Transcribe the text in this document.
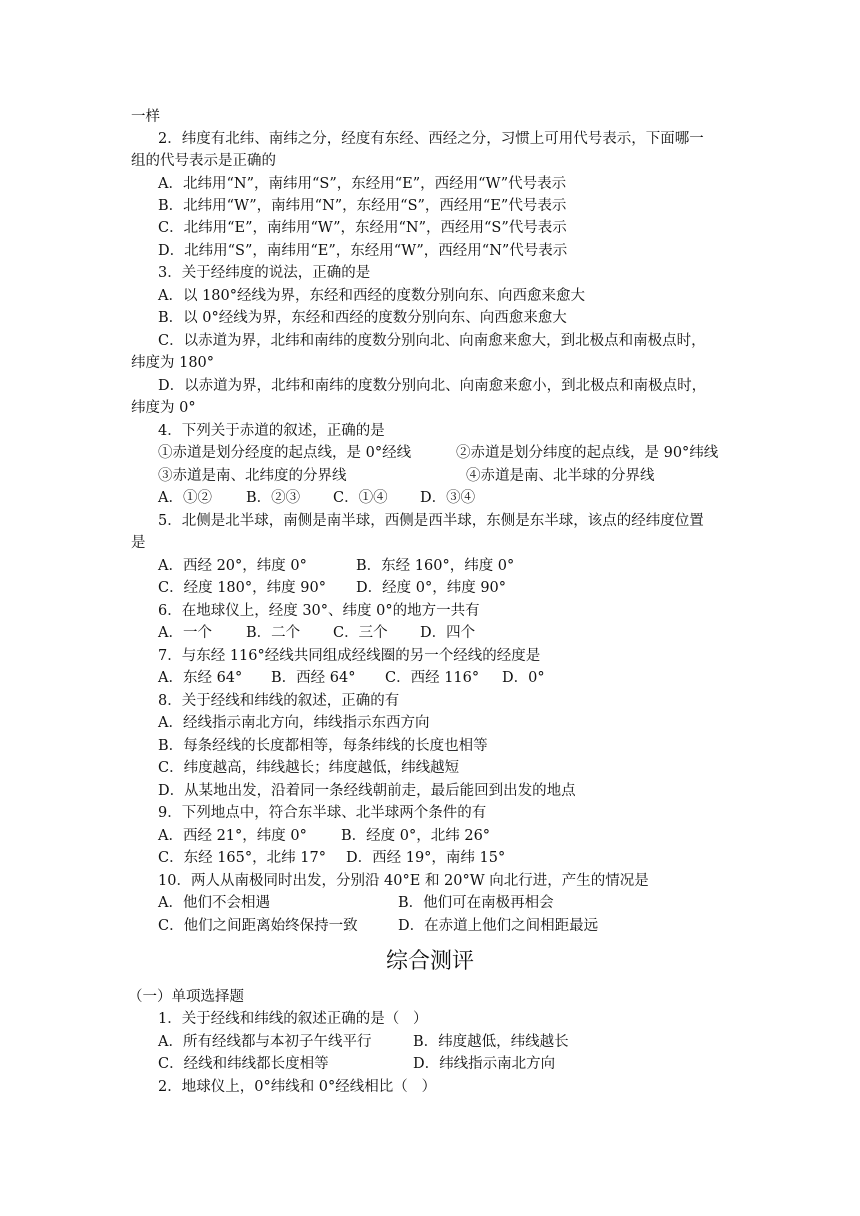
一样
2．纬度有北纬、南纬之分，经度有东经、西经之分，习惯上可用代号表示，下面哪一
组的代号表示是正确的
A．北纬用“N”，南纬用“S”，东经用“E”，西经用“W”代号表示
B．北纬用“W”，南纬用“N”，东经用“S”，西经用“E”代号表示
C．北纬用“E”，南纬用“W”，东经用“N”，西经用“S”代号表示
D．北纬用“S”，南纬用“E”，东经用“W”，西经用“N”代号表示
3．关于经纬度的说法，正确的是
A．以 180°经线为界，东经和西经的度数分别向东、向西愈来愈大
B．以 0°经线为界，东经和西经的度数分别向东、向西愈来愈大
C．以赤道为界，北纬和南纬的度数分别向北、向南愈来愈大，到北极点和南极点时，
纬度为 180°
D．以赤道为界，北纬和南纬的度数分别向北、向南愈来愈小，到北极点和南极点时，
纬度为 0°
4．下列关于赤道的叙述，正确的是

①赤道是划分经度的起点线，是 0°经线

	②赤道是划分纬度的起点线，是 90°纬线

③赤道是南、北纬度的分界线

	④赤道是南、北半球的分界线

A．①②

B．②③

C．①④

D．③④

5．北侧是北半球，南侧是南半球，西侧是西半球，东侧是东半球，该点的经纬度位置
是

A．西经 20°，纬度 0°

	B．东经 160°，纬度 0°

C．经度 180°，纬度 90°

D．经度 0°，纬度 90°

6．在地球仪上，经度 30°、纬度 0°的地方一共有

A．一个

B．二个

C．三个

D．四个

7．与东经 116°经线共同组成经线圈的另一个经线的经度是

A．东经 64°

B．西经 64°

C．西经 116°

D．0°

8．关于经线和纬线的叙述，正确的有
A．经线指示南北方向，纬线指示东西方向
B．每条经线的长度都相等，每条纬线的长度也相等
C．纬度越高，纬线越长；纬度越低，纬线越短
D．从某地出发，沿着同一条经线朝前走，最后能回到出发的地点
9．下列地点中，符合东半球、北半球两个条件的有

A．西经 21°，纬度 0°

B．经度 0°，北纬 26°

C．东经 165°，北纬 17°

D．西经 19°，南纬 15°

10．两人从南极同时出发，分别沿 40°E 和 20°W 向北行进，产生的情况是

A．他们不会相遇

	B．他们可在南极再相会

C．他们之间距离始终保持一致

	D．在赤道上他们之间相距最远

综合测评
（一）单项选择题
1．关于经线和纬线的叙述正确的是（   ）

A．所有经线都与本初子午线平行

	B．纬度越低，纬线越长

C．经线和纬线都长度相等

	D．纬线指示南北方向

2．地球仪上，0°纬线和 0°经线相比（   ）
